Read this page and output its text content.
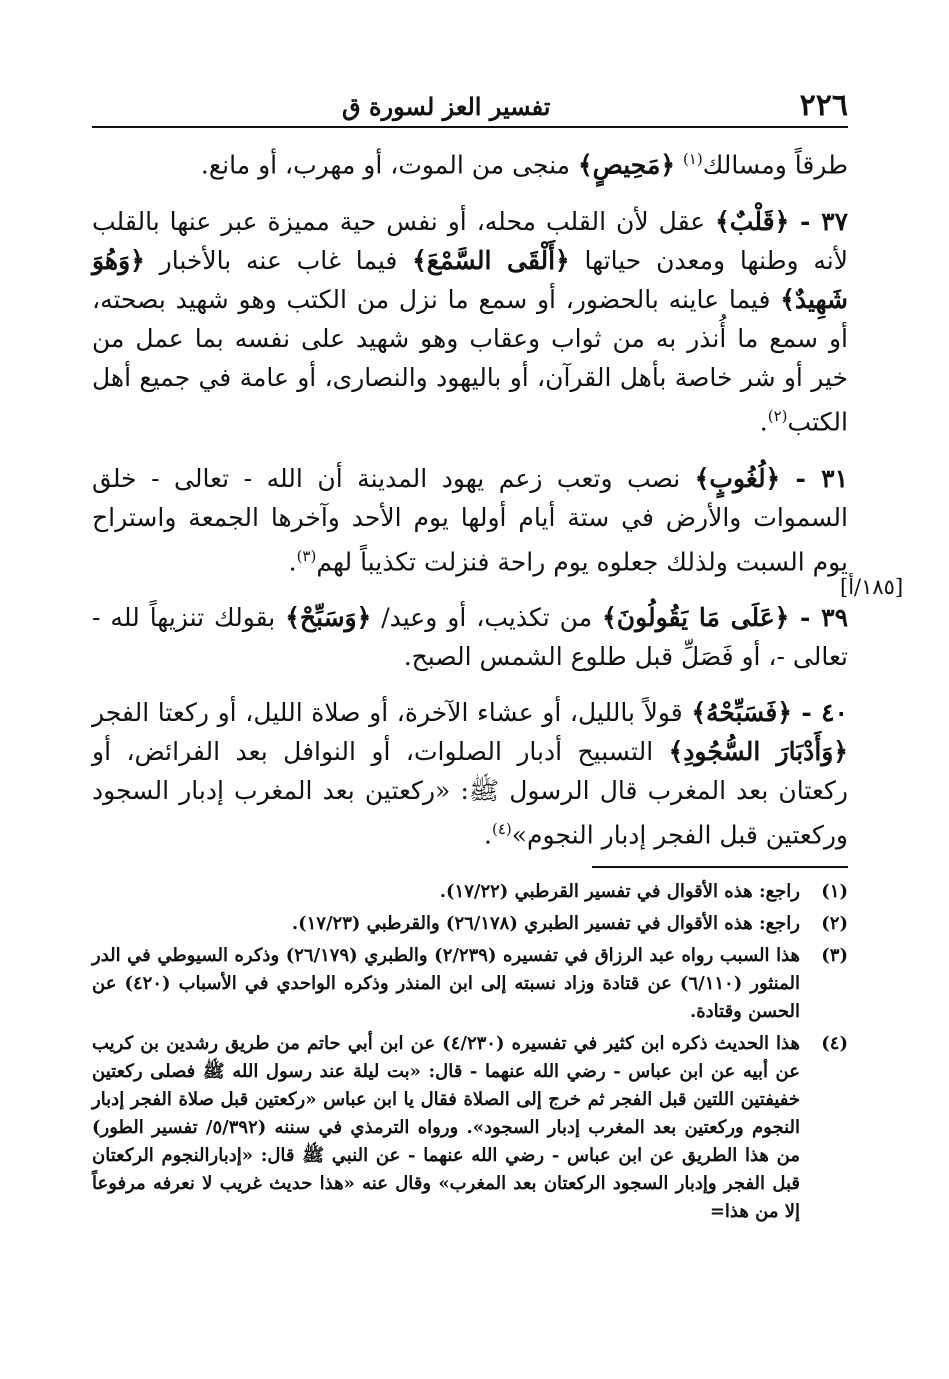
٢٢٦
تفسير العز لسورة ق
[١٨٥/أ]

طرقاً ومسالك$^{(١)}$ ﴿مَحِيصٍ﴾ منجى من الموت، أو مهرب، أو مانع.

٣٧ - ﴿قَلْبٌ﴾ عقل لأن القلب محله، أو نفس حية مميزة عبر عنها بالقلب لأنه وطنها ومعدن حياتها ﴿أَلْقَى السَّمْعَ﴾ فيما غاب عنه بالأخبار ﴿وَهُوَ شَهِيدٌ﴾ فيما عاينه بالحضور، أو سمع ما نزل من الكتب وهو شهيد بصحته، أو سمع ما أُنذر به من ثواب وعقاب وهو شهيد على نفسه بما عمل من خير أو شر خاصة بأهل القرآن، أو باليهود والنصارى، أو عامة في جميع أهل الكتب$^{(٢)}$.

٣١ - ﴿لُغُوبٍ﴾ نصب وتعب زعم يهود المدينة أن الله - تعالى - خلق السموات والأرض في ستة أيام أولها يوم الأحد وآخرها الجمعة واستراح يوم السبت ولذلك جعلوه يوم راحة فنزلت تكذيباً لهم$^{(٣)}$.

٣٩ - ﴿عَلَى مَا يَقُولُونَ﴾ من تكذيب، أو وعيد/ ﴿وَسَبِّحْ﴾ بقولك تنزيهاً لله - تعالى -، أو فَصَلِّ قبل طلوع الشمس الصبح.

٤٠ - ﴿فَسَبِّحْهُ﴾ قولاً بالليل، أو عشاء الآخرة، أو صلاة الليل، أو ركعتا الفجر ﴿وَأَدْبَارَ السُّجُودِ﴾ التسبيح أدبار الصلوات، أو النوافل بعد الفرائض، أو ركعتان بعد المغرب قال الرسول ﷺ: «ركعتين بعد المغرب إدبار السجود وركعتين قبل الفجر إدبار النجوم»$^{(٤)}$.

(١)
راجع: هذه الأقوال في تفسير القرطبي (١٧/٢٢).
(٢)
راجع: هذه الأقوال في تفسير الطبري (٢٦/١٧٨) والقرطبي (١٧/٢٣).
(٣)
هذا السبب رواه عبد الرزاق في تفسيره (٢/٢٣٩) والطبري (٢٦/١٧٩) وذكره السيوطي في الدر المنثور (٦/١١٠) عن قتادة وزاد نسبته إلى ابن المنذر وذكره الواحدي في الأسباب (٤٢٠) عن الحسن وقتادة.
(٤)
هذا الحديث ذكره ابن كثير في تفسيره (٤/٢٣٠) عن ابن أبي حاتم من طريق رشدين بن كريب عن أبيه عن ابن عباس - رضي الله عنهما - قال: «بت ليلة عند رسول الله ﷺ فصلى ركعتين خفيفتين اللتين قبل الفجر ثم خرج إلى الصلاة فقال يا ابن عباس «ركعتين قبل صلاة الفجر إدبار النجوم وركعتين بعد المغرب إدبار السجود». ورواه الترمذي في سننه (٥/٣٩٢/ تفسير الطور) من هذا الطريق عن ابن عباس - رضي الله عنهما - عن النبي ﷺ قال: «إدبارالنجوم الركعتان قبل الفجر وإدبار السجود الركعتان بعد المغرب» وقال عنه «هذا حديث غريب لا نعرفه مرفوعاً إلا من هذا=
